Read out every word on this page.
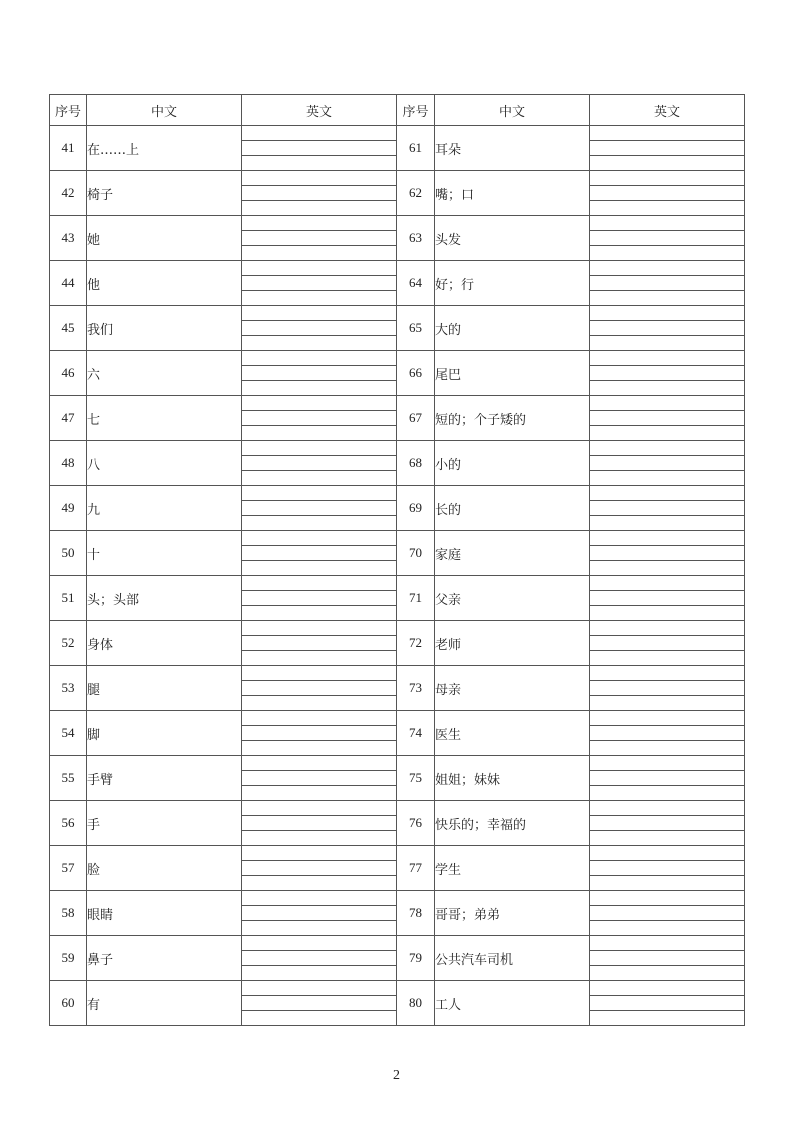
序号	中文	英文	序号	中文	英文
41	在……上		61	耳朵	

42	椅子		62	嘴；口	

43	她		63	头发	

44	他		64	好；行	

45	我们		65	大的	

46	六		66	尾巴	

47	七		67	短的；个子矮的	

48	八		68	小的	

49	九		69	长的	

50	十		70	家庭	

51	头；头部		71	父亲	

52	身体		72	老师	

53	腿		73	母亲	

54	脚		74	医生	

55	手臂		75	姐姐；妹妹	

56	手		76	快乐的；幸福的	

57	脸		77	学生	

58	眼睛		78	哥哥；弟弟	

59	鼻子		79	公共汽车司机	

60	有		80	工人	
2
